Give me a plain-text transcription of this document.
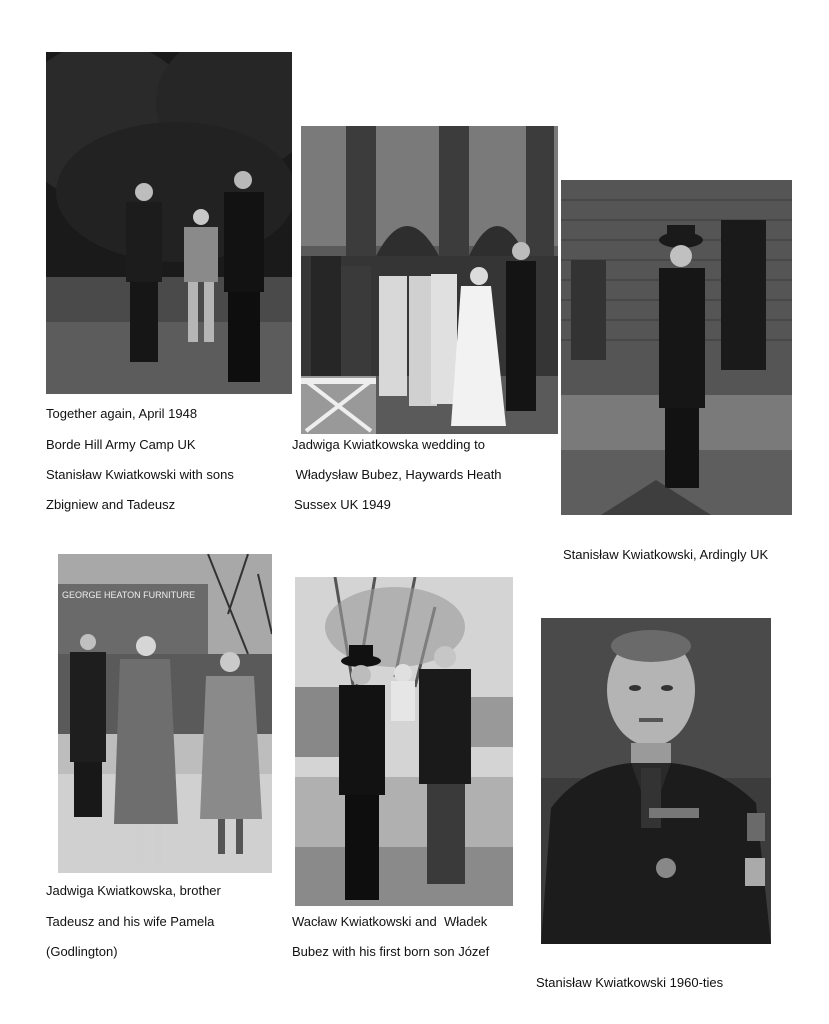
GEORGE HEATON FURNITURE
Together again, April 1948
Borde Hill Army Camp UK
Stanisław Kwiatkowski with sons
Zbigniew and Tadeusz
Jadwiga Kwiatkowska wedding to
Władysław Bubez, Haywards Heath
Sussex UK 1949
Stanisław Kwiatkowski, Ardingly UK
Jadwiga Kwiatkowska, brother
Tadeusz and his wife Pamela
(Godlington)
Wacław Kwiatkowski and  Władek
Bubez with his first born son Józef
Stanisław Kwiatkowski 1960-ties
